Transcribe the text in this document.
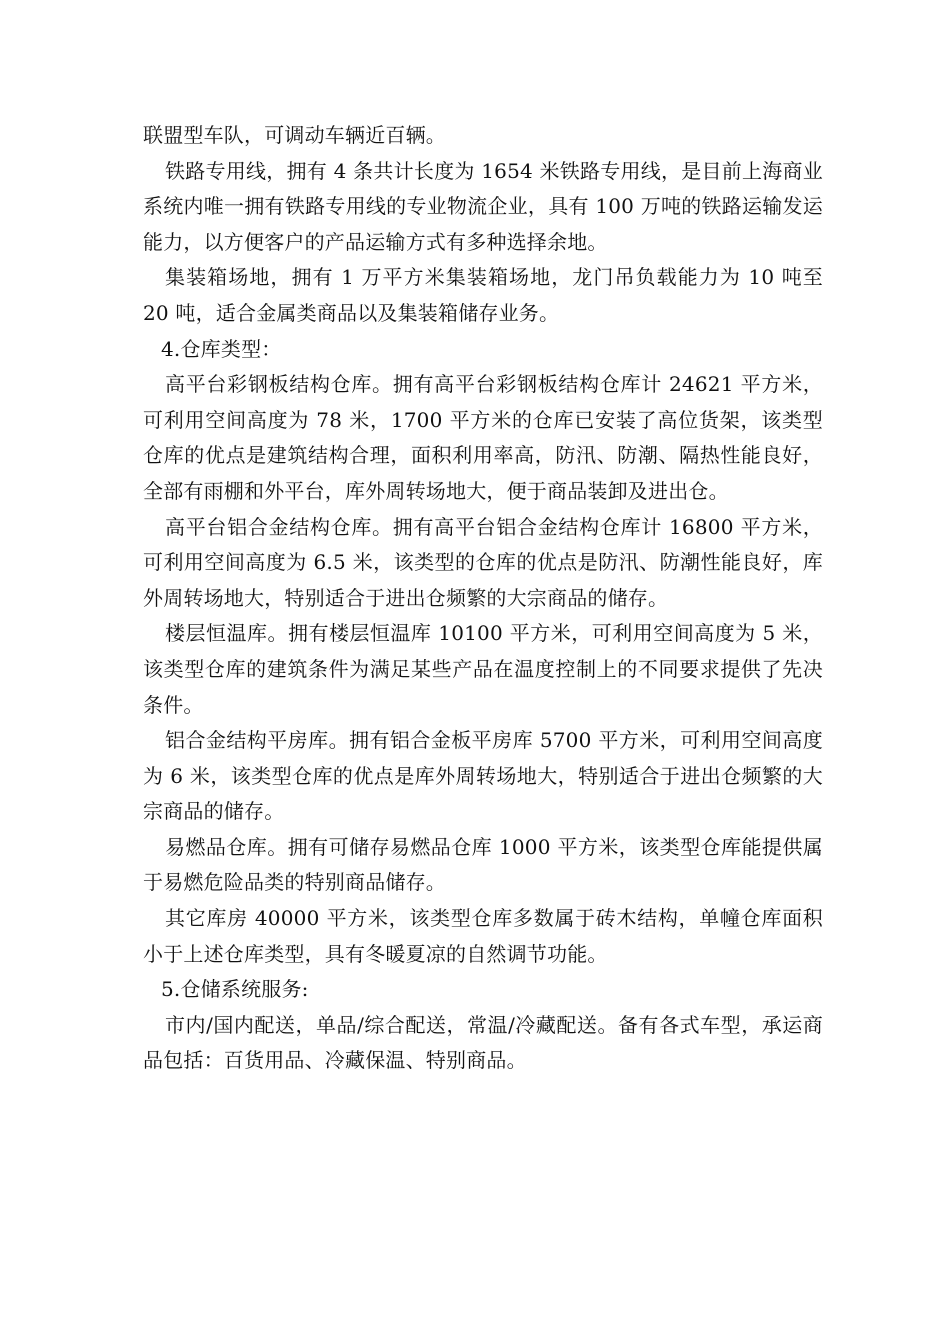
联盟型车队，可调动车辆近百辆。

铁路专用线，拥有 4 条共计长度为 1654 米铁路专用线，是目前上海商业系统内唯一拥有铁路专用线的专业物流企业，具有 100 万吨的铁路运输发运能力，以方便客户的产品运输方式有多种选择余地。

集装箱场地，拥有 1 万平方米集装箱场地，龙门吊负载能力为 10 吨至 20 吨，适合金属类商品以及集装箱储存业务。

4.仓库类型：

高平台彩钢板结构仓库。拥有高平台彩钢板结构仓库计 24621 平方米，可利用空间高度为 78 米，1700 平方米的仓库已安装了高位货架，该类型仓库的优点是建筑结构合理，面积利用率高，防汛、防潮、隔热性能良好，全部有雨棚和外平台，库外周转场地大，便于商品装卸及进出仓。

高平台铝合金结构仓库。拥有高平台铝合金结构仓库计 16800 平方米，可利用空间高度为 6.5 米，该类型的仓库的优点是防汛、防潮性能良好，库外周转场地大，特别适合于进出仓频繁的大宗商品的储存。

楼层恒温库。拥有楼层恒温库 10100 平方米，可利用空间高度为 5 米，该类型仓库的建筑条件为满足某些产品在温度控制上的不同要求提供了先决条件。

铝合金结构平房库。拥有铝合金板平房库 5700 平方米，可利用空间高度为 6 米，该类型仓库的优点是库外周转场地大，特别适合于进出仓频繁的大宗商品的储存。

易燃品仓库。拥有可储存易燃品仓库 1000 平方米，该类型仓库能提供属于易燃危险品类的特别商品储存。

其它库房 40000 平方米，该类型仓库多数属于砖木结构，单幢仓库面积小于上述仓库类型，具有冬暖夏凉的自然调节功能。

5.仓储系统服务:

市内/国内配送，单品/综合配送，常温/冷藏配送。备有各式车型，承运商品包括：百货用品、冷藏保温、特别商品。
